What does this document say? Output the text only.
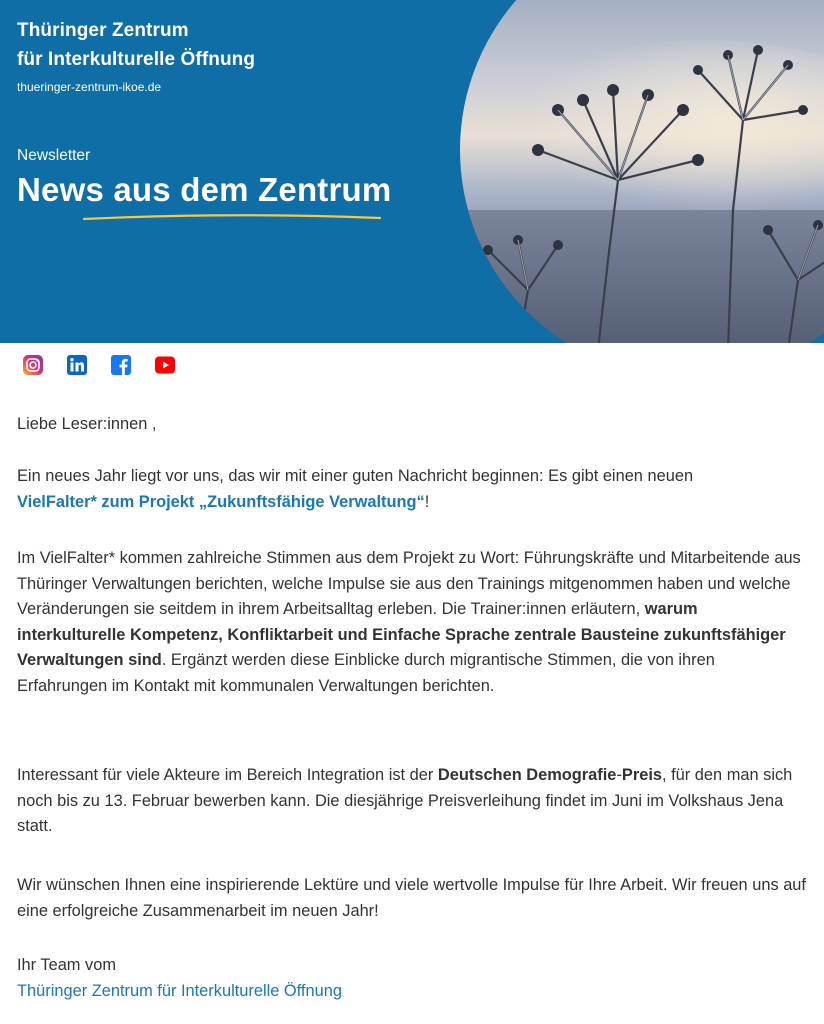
Thüringer Zentrum
für Interkulturelle Öffnung
thueringer-zentrum-ikoe.de
Newsletter
News aus dem Zentrum

Liebe Leser:innen ,

Ein neues Jahr liegt vor uns, das wir mit einer guten Nachricht beginnen: Es gibt einen neuen
VielFalter* zum Projekt „Zukunftsfähige Verwaltung“!

Im VielFalter* kommen zahlreiche Stimmen aus dem Projekt zu Wort: Führungskräfte und Mitarbeitende aus Thüringer Verwaltungen berichten, welche Impulse sie aus den Trainings mitgenommen haben und welche Veränderungen sie seitdem in ihrem Arbeitsalltag erleben. Die Trainer:innen erläutern, warum interkulturelle Kompetenz, Konfliktarbeit und Einfache Sprache zentrale Bausteine zukunftsfähiger Verwaltungen sind. Ergänzt werden diese Einblicke durch migrantische Stimmen, die von ihren Erfahrungen im Kontakt mit kommunalen Verwaltungen berichten.

Interessant für viele Akteure im Bereich Integration ist der Deutschen Demografie-Preis, für den man sich noch bis zu 13. Februar bewerben kann. Die diesjährige Preisverleihung findet im Juni im Volkshaus Jena statt.

Wir wünschen Ihnen eine inspirierende Lektüre und viele wertvolle Impulse für Ihre Arbeit. Wir freuen uns auf eine erfolgreiche Zusammenarbeit im neuen Jahr!

Ihr Team vom
Thüringer Zentrum für Interkulturelle Öffnung
